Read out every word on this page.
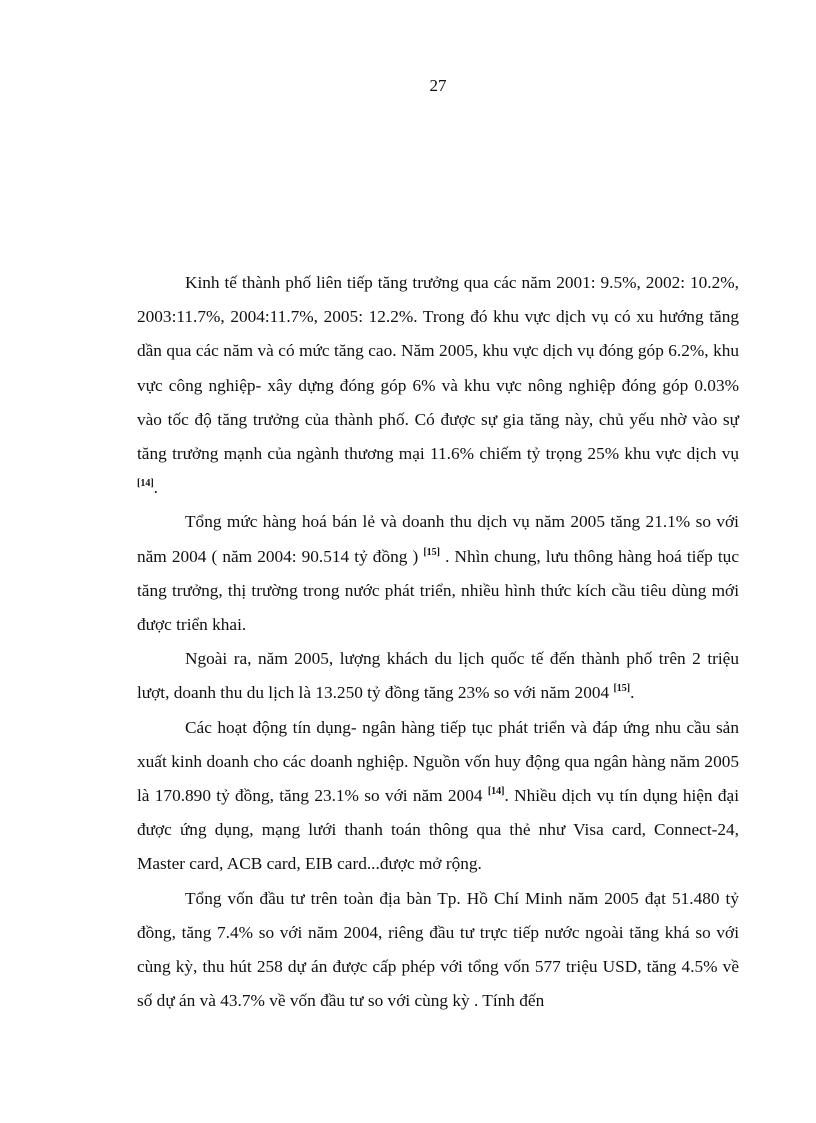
27

Kinh tế thành phố liên tiếp tăng trưởng qua các năm 2001: 9.5%, 2002: 10.2%, 2003:11.7%, 2004:11.7%, 2005: 12.2%. Trong đó khu vực dịch vụ có xu hướng tăng dần qua các năm và có mức tăng cao. Năm 2005, khu vực dịch vụ đóng góp 6.2%, khu vực công nghiệp- xây dựng đóng góp 6% và khu vực nông nghiệp đóng góp 0.03% vào tốc độ tăng trưởng của thành phố. Có được sự gia tăng này, chủ yếu nhờ vào sự tăng trưởng mạnh của ngành thương mại 11.6% chiếm tỷ trọng 25% khu vực dịch vụ [14].

Tổng mức hàng hoá bán lẻ và doanh thu dịch vụ năm 2005 tăng 21.1% so với năm 2004 ( năm 2004: 90.514 tỷ đồng ) [15] . Nhìn chung, lưu thông hàng hoá tiếp tục tăng trưởng, thị trường trong nước phát triển, nhiều hình thức kích cầu tiêu dùng mới được triển khai.

Ngoài ra, năm 2005, lượng khách du lịch quốc tế đến thành phố trên 2 triệu lượt, doanh thu du lịch là 13.250 tỷ đồng tăng 23% so với năm 2004 [15].

Các hoạt động tín dụng- ngân hàng tiếp tục phát triển và đáp ứng nhu cầu sản xuất kinh doanh cho các doanh nghiệp. Nguồn vốn huy động qua ngân hàng năm 2005 là 170.890 tỷ đồng, tăng 23.1% so với năm 2004 [14]. Nhiều dịch vụ tín dụng hiện đại được ứng dụng, mạng lưới thanh toán thông qua thẻ như Visa card, Connect-24, Master card, ACB card, EIB card...được mở rộng.

Tổng vốn đầu tư trên toàn địa bàn Tp. Hồ Chí Minh năm 2005 đạt 51.480 tỷ đồng, tăng 7.4% so với năm 2004, riêng đầu tư trực tiếp nước ngoài tăng khá so với cùng kỳ, thu hút 258 dự án được cấp phép với tổng vốn 577 triệu USD, tăng 4.5% về số dự án và 43.7% về vốn đầu tư so với cùng kỳ . Tính đến
